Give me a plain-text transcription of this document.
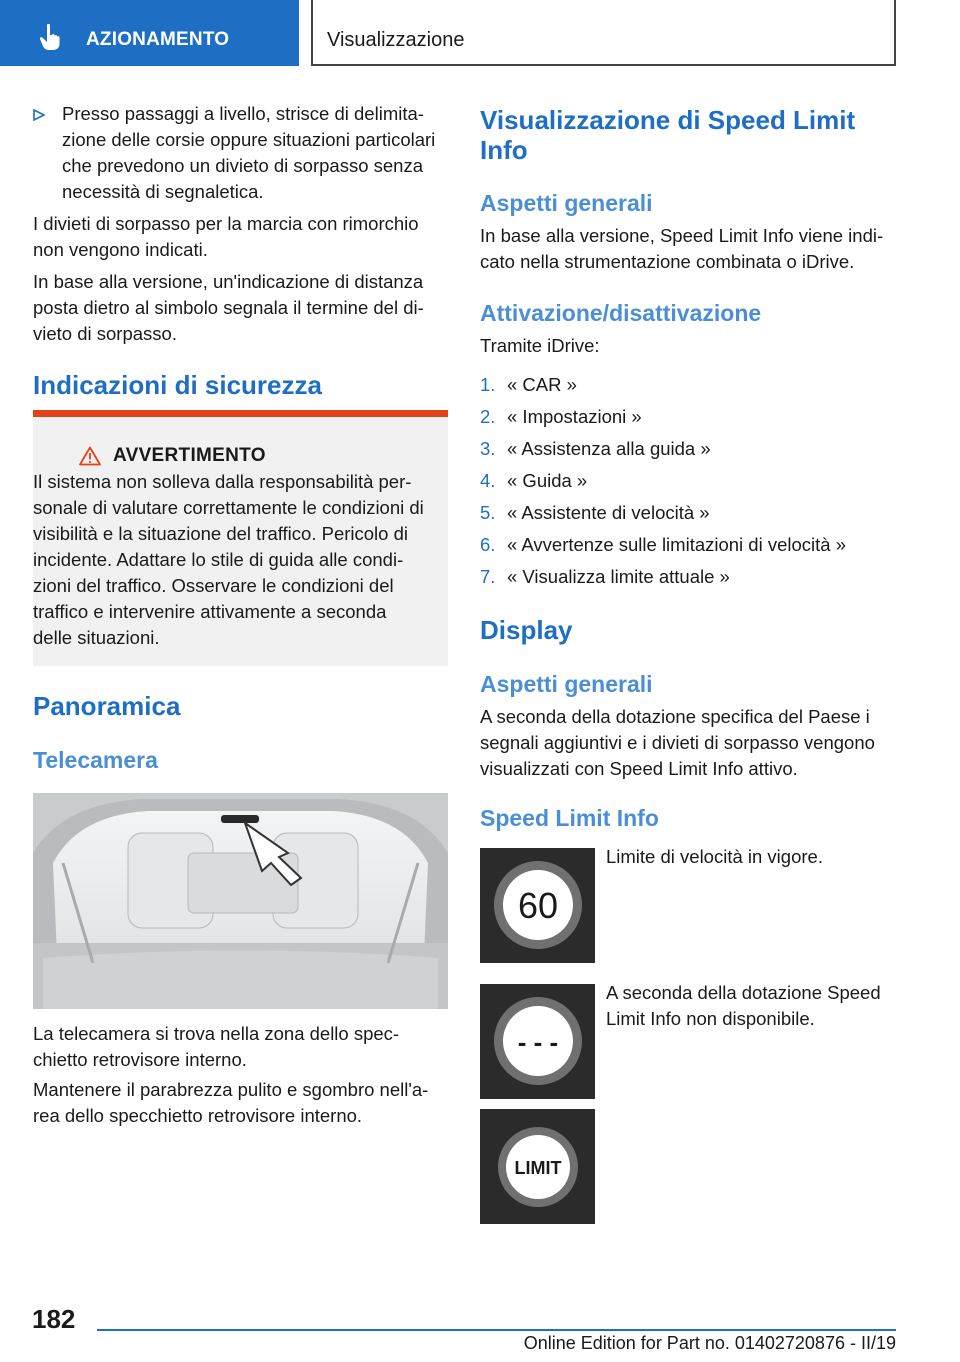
AZIONAMENTO	Visualizzazione
Presso passaggi a livello, strisce di delimita-
zione delle corsie oppure situazioni particolari
che prevedono un divieto di sorpasso senza
necessità di segnaletica.
I divieti di sorpasso per la marcia con rimorchio
non vengono indicati.
In base alla versione, un'indicazione di distanza
posta dietro al simbolo segnala il termine del di-
vieto di sorpasso.
Indicazioni di sicurezza
AVVERTIMENTO
Il sistema non solleva dalla responsabilità per-
sonale di valutare correttamente le condizioni di
visibilità e la situazione del traffico. Pericolo di
incidente. Adattare lo stile di guida alle condi-
zioni del traffico. Osservare le condizioni del
traffico e intervenire attivamente a seconda
delle situazioni.
Panoramica
Telecamera
La telecamera si trova nella zona dello spec-
chietto retrovisore interno.
Mantenere il parabrezza pulito e sgombro nell'a-
rea dello specchietto retrovisore interno.
Visualizzazione di Speed Limit
Info
Aspetti generali
In base alla versione, Speed Limit Info viene indi-
cato nella strumentazione combinata o iDrive.
Attivazione/disattivazione
Tramite iDrive:
1. « CAR »
2. « Impostazioni »
3. « Assistenza alla guida »
4. « Guida »
5. « Assistente di velocità »
6. « Avvertenze sulle limitazioni di velocità »
7. « Visualizza limite attuale »
Display
Aspetti generali
A seconda della dotazione specifica del Paese i
segnali aggiuntivi e i divieti di sorpasso vengono
visualizzati con Speed Limit Info attivo.
Speed Limit Info
60
Limite di velocità in vigore.
- - -
A seconda della dotazione Speed
Limit Info non disponibile.
LIMIT
182
Online Edition for Part no. 01402720876 - II/19
